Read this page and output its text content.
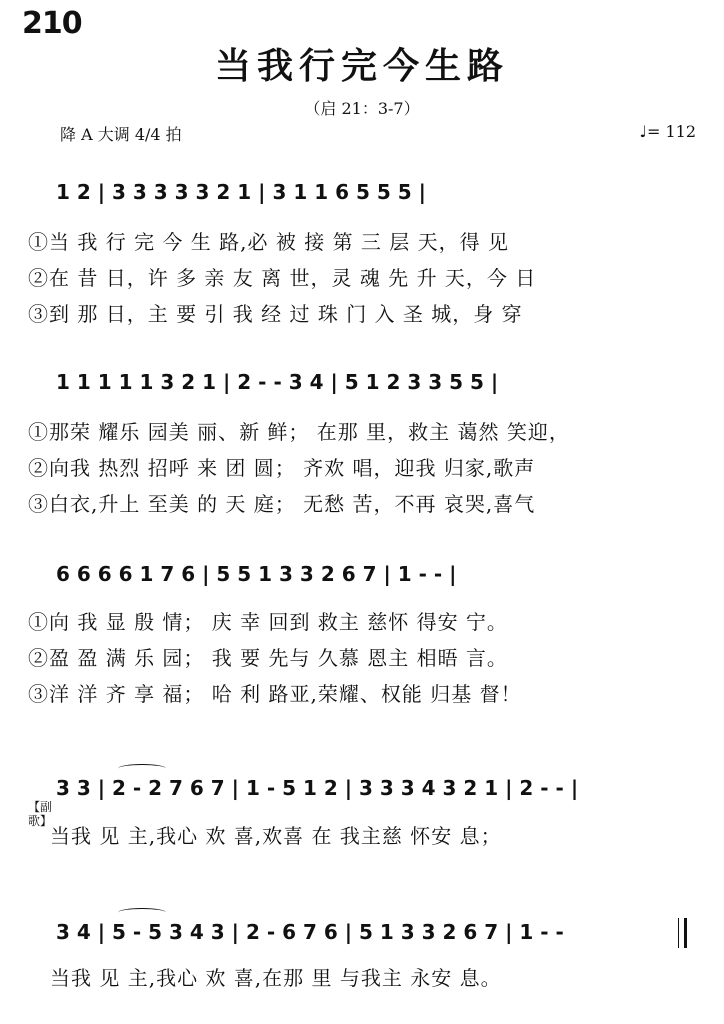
210
当我行完今生路
（启 21：3-7）
降 A 大调 4/4 拍	♩= 112
1 2 | 3 3 3 3 3 2 1 | 3 1 1 6 5 5 5 |
①当 我 行 完 今 生 路,必 被 接 第 三 层 天，得 见
②在 昔 日，许 多 亲 友 离 世，灵 魂 先 升 天，今 日
③到 那 日，主 要 引 我 经 过 珠 门 入 圣 城，身 穿
1 1 1 1 1 3 2 1 | 2 - - 3 4 | 5 1 2 3 3 5 5 |
①那荣 耀乐 园美 丽、新 鲜； 在那 里，救主 蔼然 笑迎，
②向我 热烈 招呼 来 团 圆； 齐欢 唱，迎我 归家,歌声
③白衣,升上 至美 的 天 庭； 无愁 苦，不再 哀哭,喜气
6 6 6 6 1 7 6 | 5 5 1 3 3 2 6 7 | 1 - - |
①向 我 显 殷 情； 庆 幸 回到 救主 慈怀 得安 宁。
②盈 盈 满 乐 园； 我 要 先与 久慕 恩主 相晤 言。
③洋 洋 齐 享 福； 哈 利 路亚,荣耀、权能 归基 督！
3 3 | 2 - 2 7 6 7 | 1 - 5 1 2 | 3 3 3 4 3 2 1 | 2 - - |
【副歌】
当我 见 主,我心 欢 喜,欢喜 在 我主慈 怀安 息；
3 4 | 5 - 5 3 4 3 | 2 - 6 7 6 | 5 1 3 3 2 6 7 | 1 - -
当我 见 主,我心 欢 喜,在那 里 与我主 永安 息。
